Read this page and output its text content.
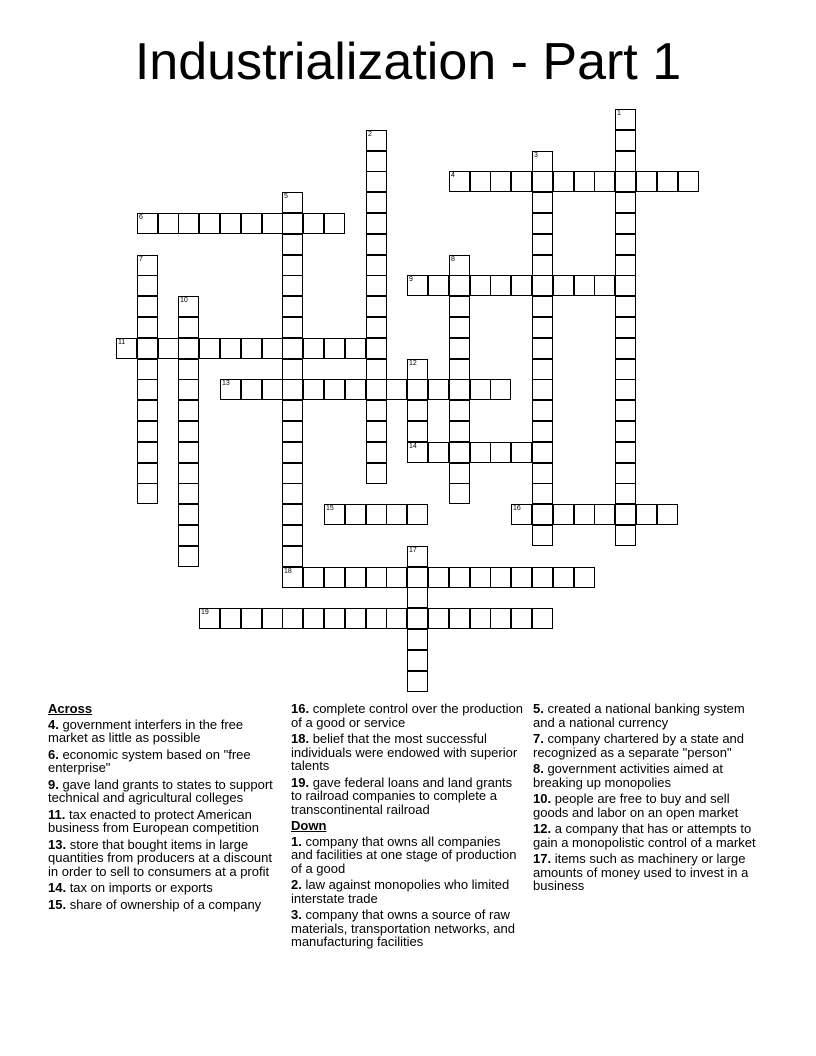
Industrialization - Part 1
1
2
3
4
5
18
6
7	8
9
10
11
12
13
14
15	16
17
19
Across
4. government interfers in the free market as little as possible
6. economic system based on "free enterprise"
9. gave land grants to states to support technical and agricultural colleges
11. tax enacted to protect American business from European competition
13. store that bought items in large quantities from producers at a discount in order to sell to consumers at a profit
14. tax on imports or exports
15. share of ownership of a company
16. complete control over the production of a good or service
18. belief that the most successful individuals were endowed with superior talents
19. gave federal loans and land grants to railroad companies to complete a transcontinental railroad
Down
1. company that owns all companies and facilities at one stage of production of a good
2. law against monopolies who limited interstate trade
3. company that owns a source of raw materials, transportation networks, and manufacturing facilities
5. created a national banking system and a national currency
7. company chartered by a state and recognized as a separate "person"
8. government activities aimed at breaking up monopolies
10. people are free to buy and sell goods and labor on an open market
12. a company that has or attempts to gain a monopolistic control of a market
17. items such as machinery or large amounts of money used to invest in a business
